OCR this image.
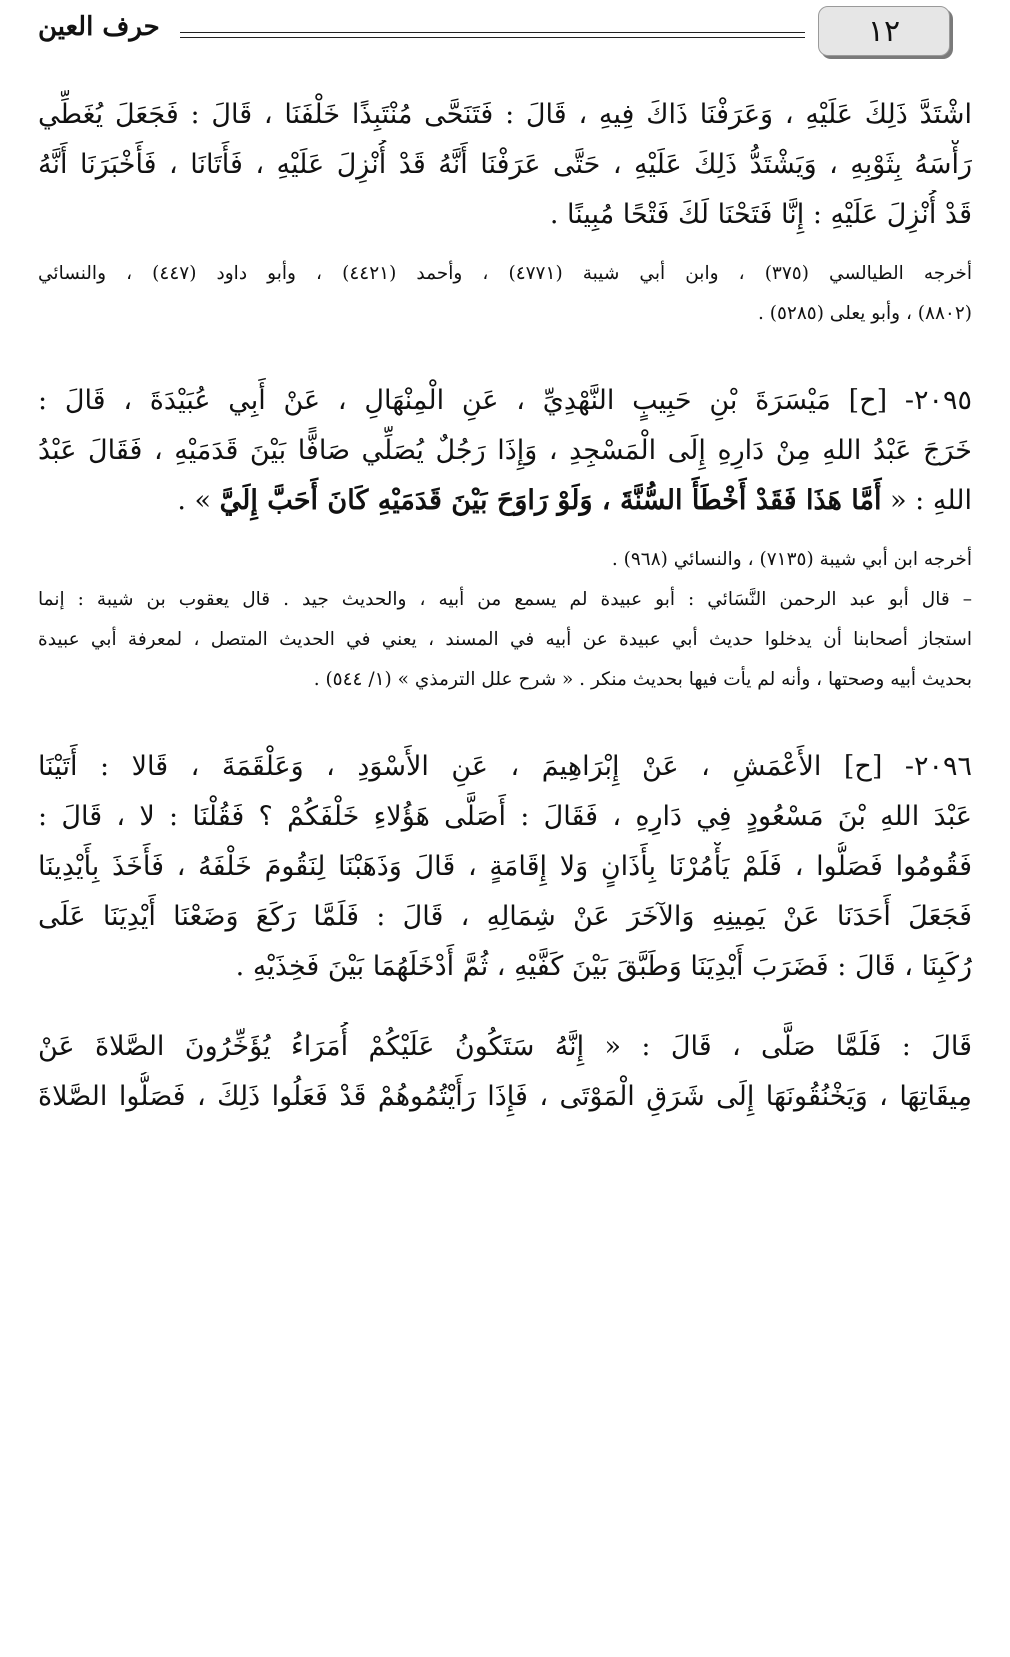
١٢
حرف العين
اشْتَدَّ ذَلِكَ عَلَيْهِ ، وَعَرَفْنَا ذَاكَ فِيهِ ، قَالَ : فَتَنَحَّى مُنْتَبِذًا خَلْفَنَا ، قَالَ : فَجَعَلَ يُغَطِّي
رَأْسَهُ بِثَوْبِهِ ، وَيَشْتَدُّ ذَلِكَ عَلَيْهِ ، حَتَّى عَرَفْنَا أَنَّهُ قَدْ أُنْزِلَ عَلَيْهِ ، فَأَتَانَا ، فَأَخْبَرَنَا أَنَّهُ
قَدْ أُنْزِلَ عَلَيْهِ : إِنَّا فَتَحْنَا لَكَ فَتْحًا مُبِينًا .
أخرجه الطيالسي (٣٧٥) ، وابن أبي شيبة (٤٧٧١) ، وأحمد (٤٤٢١) ، وأبو داود (٤٤٧) ، والنسائي
(٨٨٠٢) ، وأبو يعلى (٥٢٨٥) .
٢٠٩٥- [ح] مَيْسَرَةَ بْنِ حَبِيبٍ النَّهْدِيِّ ، عَنِ الْمِنْهَالِ ، عَنْ أَبِي عُبَيْدَةَ ، قَالَ :
خَرَجَ عَبْدُ اللهِ مِنْ دَارِهِ إِلَى الْمَسْجِدِ ، وَإِذَا رَجُلٌ يُصَلِّي صَافًّا بَيْنَ قَدَمَيْهِ ، فَقَالَ عَبْدُ
اللهِ : « أَمَّا هَذَا فَقَدْ أَخْطَأَ السُّنَّةَ ، وَلَوْ رَاوَحَ بَيْنَ قَدَمَيْهِ كَانَ أَحَبَّ إِلَيَّ » .
أخرجه ابن أبي شيبة (٧١٣٥) ، والنسائي (٩٦٨) .
– قال أبو عبد الرحمن النَّسَائي : أبو عبيدة لم يسمع من أبيه ، والحديث جيد . قال يعقوب بن شيبة : إنما
استجاز أصحابنا أن يدخلوا حديث أبي عبيدة عن أبيه في المسند ، يعني في الحديث المتصل ، لمعرفة أبي عبيدة
بحديث أبيه وصحتها ، وأنه لم يأت فيها بحديث منكر . « شرح علل الترمذي » (١/ ٥٤٤) .
٢٠٩٦- [ح] الأَعْمَشِ ، عَنْ إِبْرَاهِيمَ ، عَنِ الأَسْوَدِ ، وَعَلْقَمَةَ ، قَالا : أَتَيْنَا
عَبْدَ اللهِ بْنَ مَسْعُودٍ فِي دَارِهِ ، فَقَالَ : أَصَلَّى هَؤُلاءِ خَلْفَكُمْ ؟ فَقُلْنَا : لا ، قَالَ :
فَقُومُوا فَصَلُّوا ، فَلَمْ يَأْمُرْنَا بِأَذَانٍ وَلا إِقَامَةٍ ، قَالَ وَذَهَبْنَا لِنَقُومَ خَلْفَهُ ، فَأَخَذَ بِأَيْدِينَا
فَجَعَلَ أَحَدَنَا عَنْ يَمِينِهِ وَالآخَرَ عَنْ شِمَالِهِ ، قَالَ : فَلَمَّا رَكَعَ وَضَعْنَا أَيْدِيَنَا عَلَى
رُكَبِنَا ، قَالَ : فَضَرَبَ أَيْدِيَنَا وَطَبَّقَ بَيْنَ كَفَّيْهِ ، ثُمَّ أَدْخَلَهُمَا بَيْنَ فَخِذَيْهِ .
قَالَ : فَلَمَّا صَلَّى ، قَالَ : « إِنَّهُ سَتَكُونُ عَلَيْكُمْ أُمَرَاءُ يُؤَخِّرُونَ الصَّلاةَ عَنْ
مِيقَاتِهَا ، وَيَخْنُقُونَهَا إِلَى شَرَقِ الْمَوْتَى ، فَإِذَا رَأَيْتُمُوهُمْ قَدْ فَعَلُوا ذَلِكَ ، فَصَلُّوا الصَّلاةَ
